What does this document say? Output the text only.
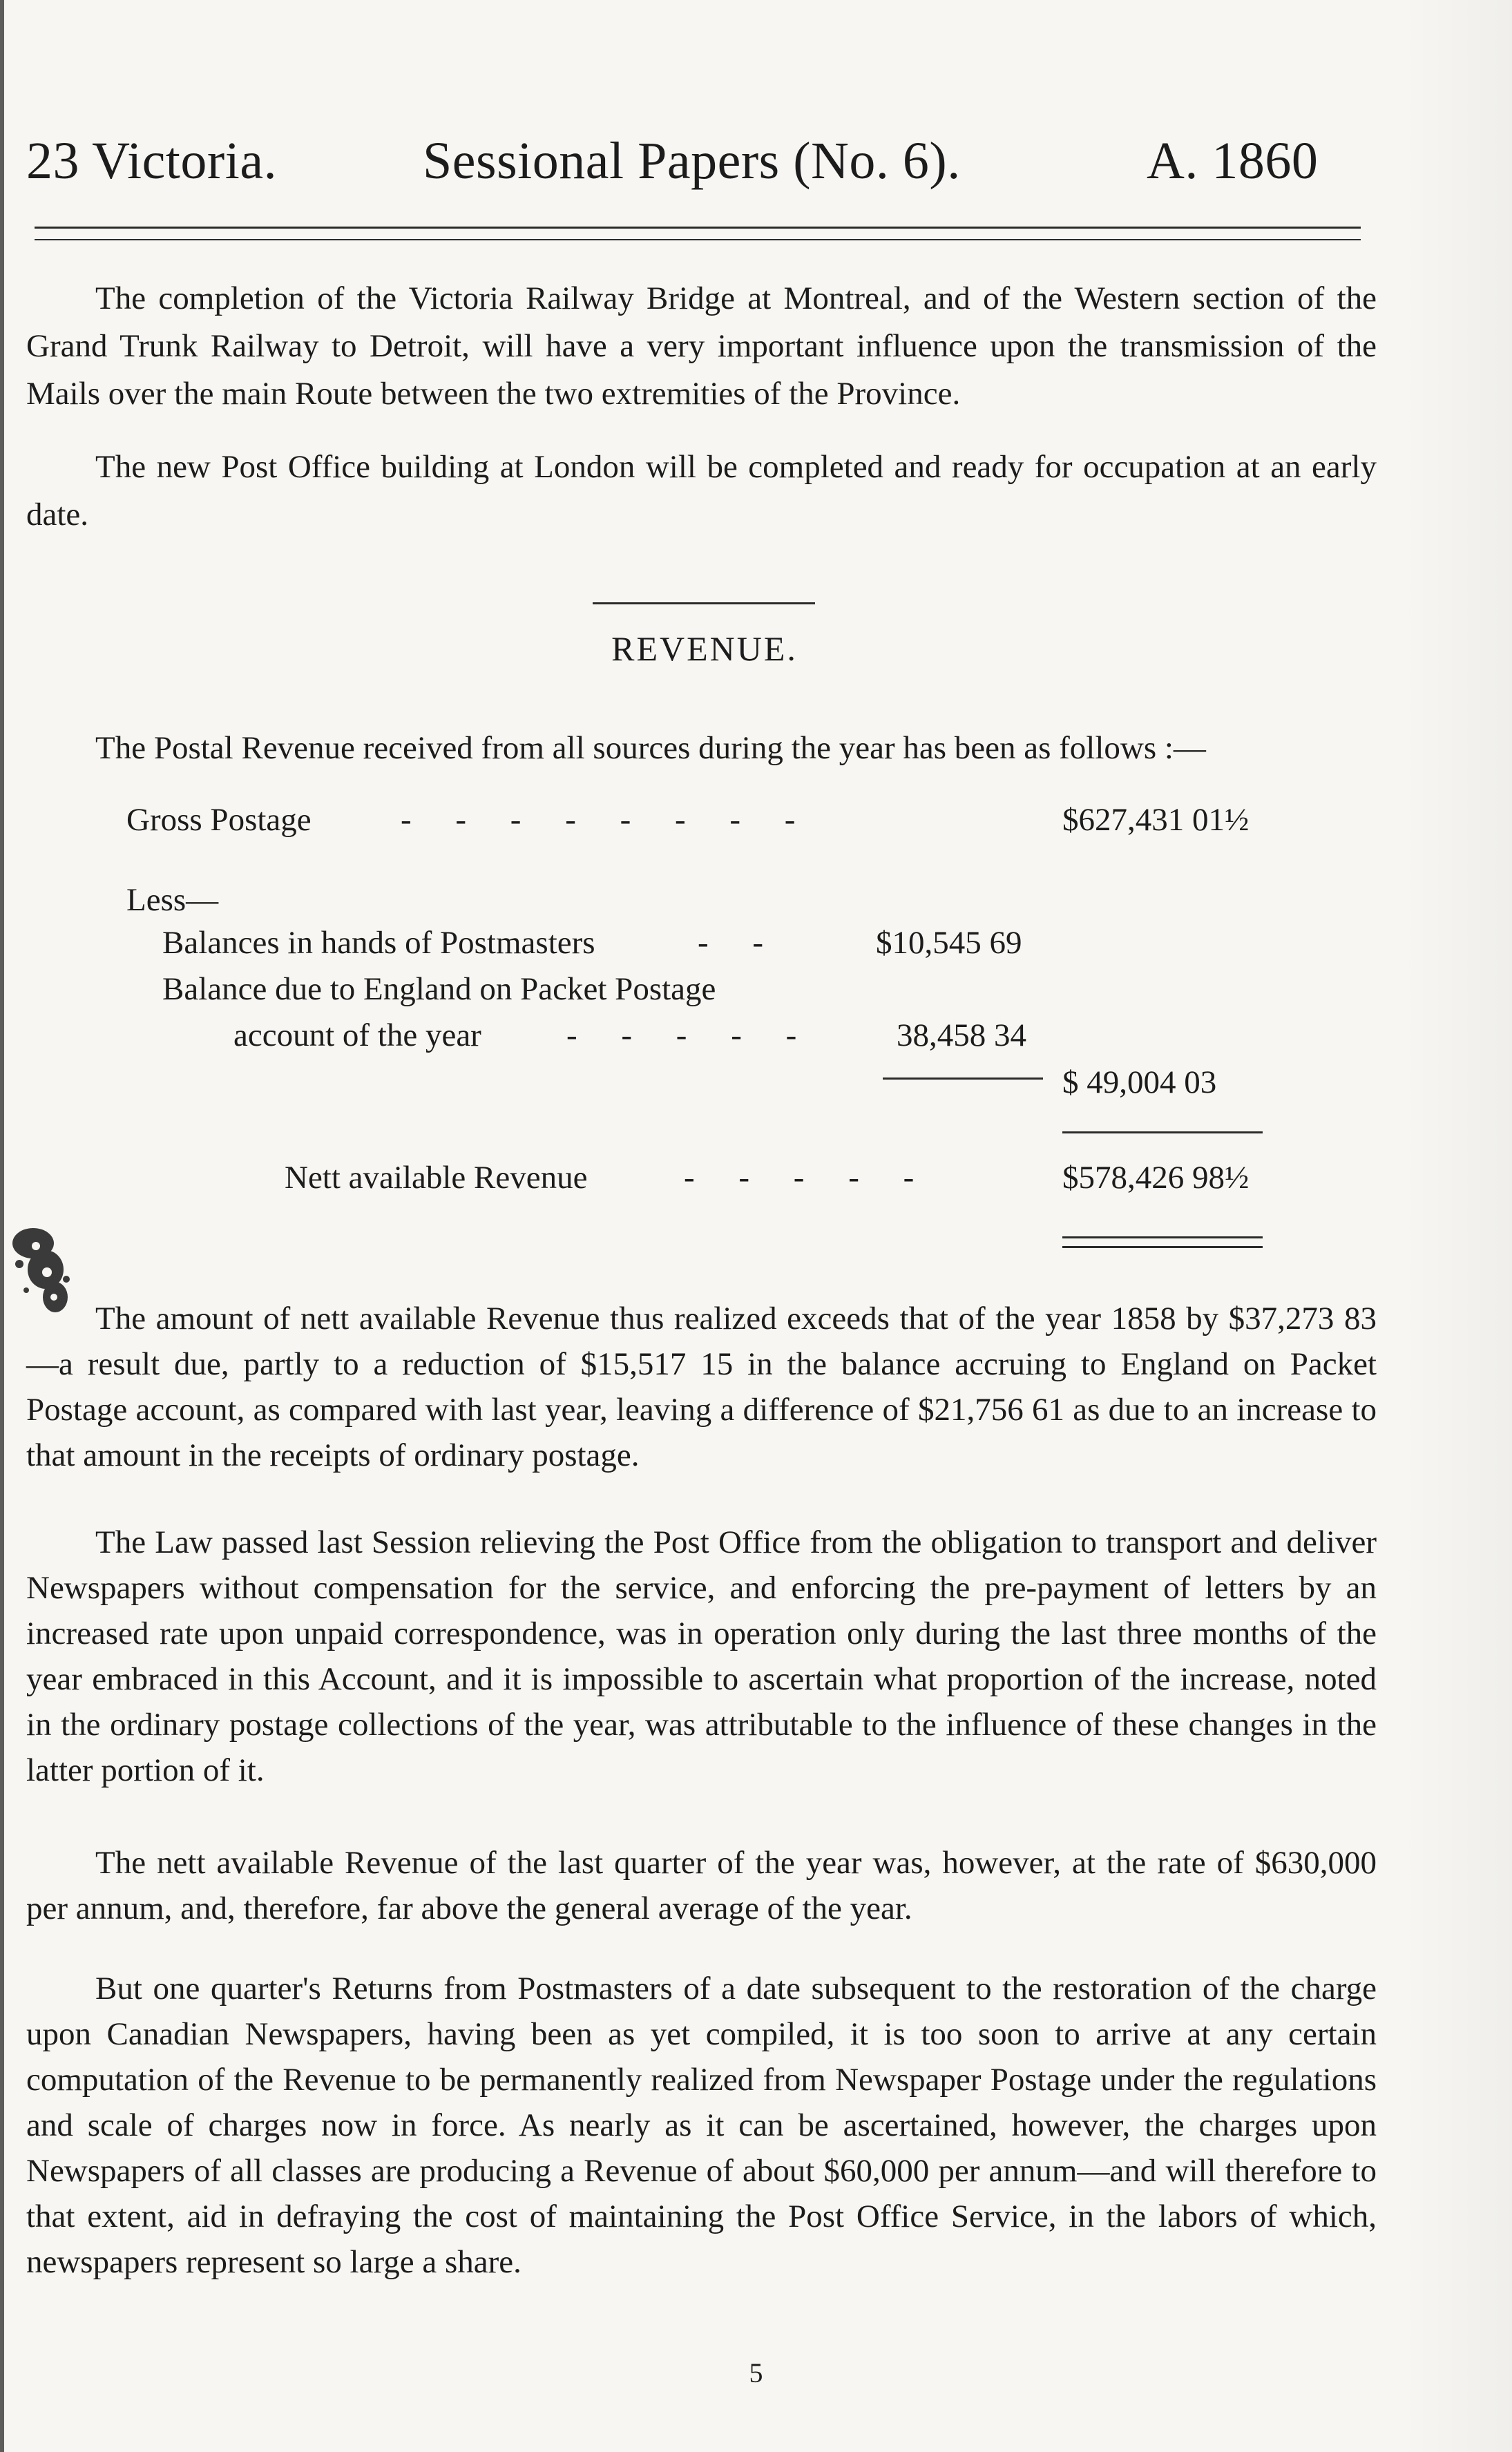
23 Victoria.	Sessional Papers (No. 6).	A. 1860

The completion of the Victoria Railway Bridge at Montreal, and of the Western section of the Grand Trunk Railway to Detroit, will have a very important influence upon the transmission of the Mails over the main Route between the two extremities of the Province.

The new Post Office building at London will be completed and ready for occupation at an early date.

REVENUE.
The Postal Revenue received from all sources during the year has been as follows :—
Gross Postage	- - - - - - - -	$627,431 01½
Less—
Balances in hands of Postmasters	- -	$10,545 69
Balance due to England on Packet Postage
account of the year	- - - - -	38,458 34
$ 49,004 03
Nett available Revenue	- - - - -	$578,426 98½

The amount of nett available Revenue thus realized exceeds that of the year 1858 by $37,273 83—a result due, partly to a reduction of $15,517 15 in the balance accruing to England on Packet Postage account, as compared with last year, leaving a difference of $21,756 61 as due to an increase to that amount in the receipts of ordinary postage.

The Law passed last Session relieving the Post Office from the obligation to transport and deliver Newspapers without compensation for the service, and enforcing the pre-payment of letters by an increased rate upon unpaid correspondence, was in operation only during the last three months of the year embraced in this Account, and it is impossible to ascertain what proportion of the increase, noted in the ordinary postage collections of the year, was attributable to the influence of these changes in the latter portion of it.

The nett available Revenue of the last quarter of the year was, however, at the rate of $630,000 per annum, and, therefore, far above the general average of the year.

But one quarter's Returns from Postmasters of a date subsequent to the restoration of the charge upon Canadian Newspapers, having been as yet compiled, it is too soon to arrive at any certain computation of the Revenue to be permanently realized from Newspaper Postage under the regulations and scale of charges now in force. As nearly as it can be ascertained, however, the charges upon Newspapers of all classes are producing a Revenue of about $60,000 per annum—and will therefore to that extent, aid in defraying the cost of maintaining the Post Office Service, in the labors of which, newspapers represent so large a share.

5
